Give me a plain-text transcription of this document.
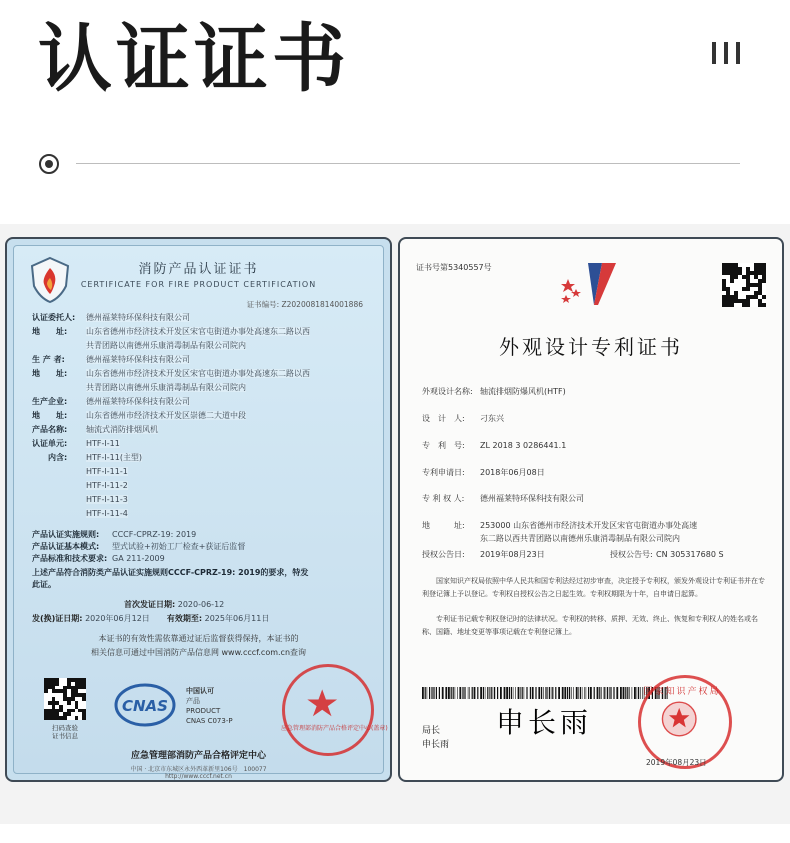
认证证书
消防产品认证证书
CERTIFICATE FOR FIRE PRODUCT CERTIFICATION
证书编号: Z2020081814001886
认证委托人: 德州福莱特环保科技有限公司
地　　址: 山东省德州市经济技术开发区宋官屯街道办事处高速东二路以西
共青团路以南德州乐康消毒制品有限公司院内
生 产 者:	德州福莱特环保科技有限公司
地　　址: 山东省德州市经济技术开发区宋官屯街道办事处高速东二路以西
共青团路以南德州乐康消毒制品有限公司院内
生产企业: 德州福莱特环保科技有限公司
地　　址: 山东省德州市经济技术开发区崇德二大道中段
产品名称: 轴流式消防排烟风机
认证单元: HTF-I-11
　　内含: HTF-I-11(主型)
HTF-I-11-1
HTF-I-11-2
HTF-I-11-3
HTF-I-11-4
产品认证实施规则: CCCF-CPRZ-19: 2019
产品认证基本模式: 型式试验+初始工厂检查+获证后监督
产品标准和技术要求: GA 211-2009
上述产品符合消防类产品认证实施规则CCCF-CPRZ-19: 2019的要求，特发
此证。
首次发证日期: 2020-06-12
发(换)证日期: 2020年06月12日 有效期至: 2025年06月11日
本证书的有效性需依靠通过证后监督获得保持，本证书的
相关信息可通过中国消防产品信息网 www.cccf.com.cn查询
扫码查验
证书信息
CNAS
中国认可
产品
PRODUCT
CNAS C073-P
应急管理部消防产品合格评定中心(盖章)
应急管理部消防产品合格评定中心
中国 · 北京市东城区永外西革新里106号　100077
http://www.cccf.net.cn
证书号第5340557号
外观设计专利证书
外观设计名称: 轴流排烟防爆风机(HTF)
设　计　人: 刁东兴
专　利　号: ZL 2018 3 0286441.1
专利申请日: 2018年06月08日
专 利 权 人: 德州福莱特环保科技有限公司
地　　　址: 253000 山东省德州市经济技术开发区宋官屯街道办事处高速
东二路以西共青团路以南德州乐康消毒制品有限公司院内
授权公告日: 2019年08月23日	授权公告号: CN 305317680 S
国家知识产权局依照中华人民共和国专利法经过初步审查，决定授予专利权，颁发外观设计专利证书并在专利登记簿上予以登记。专利权自授权公告之日起生效。专利权期限为十年，自申请日起算。
专利证书记载专利权登记时的法律状况。专利权的转移、质押、无效、终止、恢复和专利权人的姓名或名称、国籍、地址变更等事项记载在专利登记簿上。
局长
申长雨
申长雨
国家知识产权局
2019年08月23日
